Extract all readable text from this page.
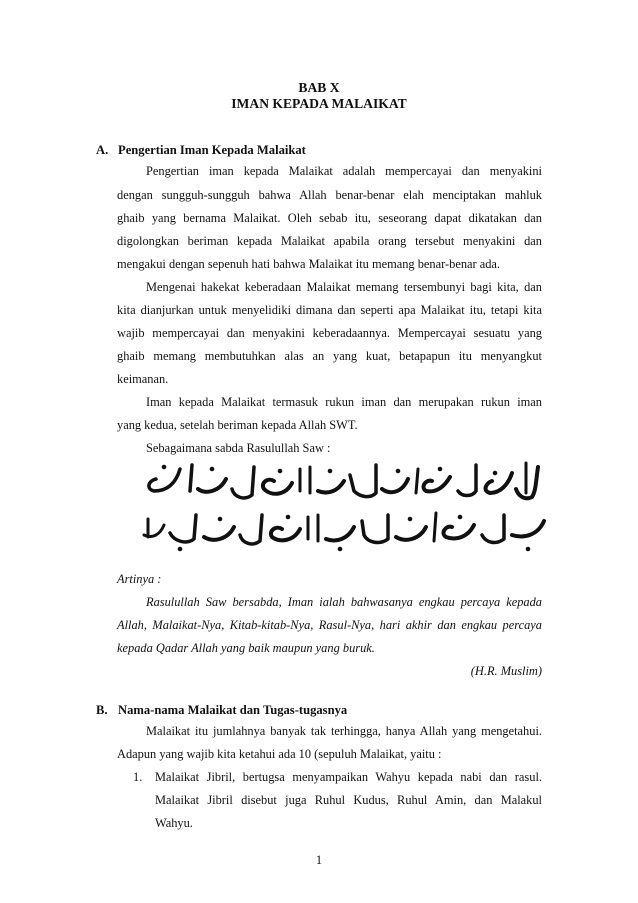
BAB X
IMAN KEPADA MALAIKAT
A. Pengertian Iman Kepada Malaikat
Pengertian iman kepada Malaikat adalah mempercayai dan menyakini
dengan sungguh-sungguh bahwa Allah benar-benar elah menciptakan mahluk
ghaib yang bernama Malaikat. Oleh sebab itu, seseorang dapat dikatakan dan
digolongkan beriman kepada Malaikat apabila orang tersebut menyakini dan
mengakui dengan sepenuh hati bahwa Malaikat itu memang benar-benar ada.
Mengenai hakekat keberadaan Malaikat memang tersembunyi bagi kita, dan
kita dianjurkan untuk menyelidiki dimana dan seperti apa Malaikat itu, tetapi kita
wajib mempercayai dan menyakini keberadaannya. Mempercayai sesuatu yang
ghaib memang membutuhkan alas an yang kuat, betapapun itu menyangkut
keimanan.
Iman kepada Malaikat termasuk rukun iman dan merupakan rukun iman
yang kedua, setelah beriman kepada Allah SWT.
Sebagaimana sabda Rasulullah Saw :
Artinya :
Rasulullah Saw bersabda, Iman ialah bahwasanya engkau percaya kepada
Allah, Malaikat-Nya, Kitab-kitab-Nya, Rasul-Nya, hari akhir dan engkau percaya
kepada Qadar Allah yang baik maupun yang buruk.
(H.R. Muslim)
B. Nama-nama Malaikat dan Tugas-tugasnya
Malaikat itu jumlahnya banyak tak terhingga, hanya Allah yang mengetahui.
Adapun yang wajib kita ketahui ada 10 (sepuluh Malaikat, yaitu :
1. Malaikat Jibril, bertugsa menyampaikan Wahyu kepada nabi dan rasul.
Malaikat Jibril disebut juga Ruhul Kudus, Ruhul Amin, dan Malakul
Wahyu.
1
